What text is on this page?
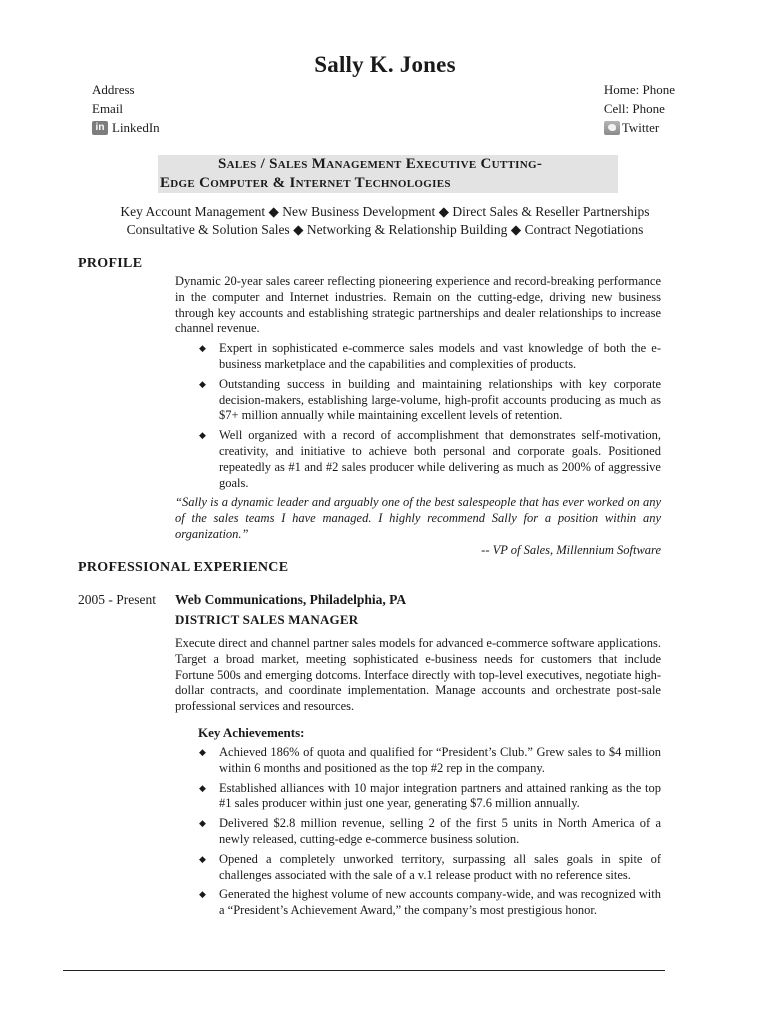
Sally K. Jones
Address
Email
in LinkedIn
Home: Phone
Cell: Phone
Twitter
Sales / Sales Management Executive Cutting-
Edge Computer & Internet Technologies
Key Account Management ◆ New Business Development ◆ Direct Sales & Reseller Partnerships
Consultative & Solution Sales ◆ Networking & Relationship Building ◆ Contract Negotiations
PROFILE
Dynamic 20-year sales career reflecting pioneering experience and record-breaking performance in the computer and Internet industries. Remain on the cutting-edge, driving new business through key accounts and establishing strategic partnerships and dealer relationships to increase channel revenue.
◆ Expert in sophisticated e-commerce sales models and vast knowledge of both the e-business marketplace and the capabilities and complexities of products.
◆ Outstanding success in building and maintaining relationships with key corporate decision-makers, establishing large-volume, high-profit accounts producing as much as $7+ million annually while maintaining excellent levels of retention.
◆ Well organized with a record of accomplishment that demonstrates self-motivation, creativity, and initiative to achieve both personal and corporate goals. Positioned repeatedly as #1 and #2 sales producer while delivering as much as 200% of aggressive goals.
“Sally is a dynamic leader and arguably one of the best salespeople that has ever worked on any of the sales teams I have managed. I highly recommend Sally for a position within any organization.”
-- VP of Sales, Millennium Software
PROFESSIONAL EXPERIENCE
2005 - Present Web Communications, Philadelphia, PA
DISTRICT SALES MANAGER
Execute direct and channel partner sales models for advanced e-commerce software applications. Target a broad market, meeting sophisticated e-business needs for customers that include Fortune 500s and emerging dotcoms. Interface directly with top-level executives, negotiate high-dollar contracts, and coordinate implementation. Manage accounts and orchestrate post-sale professional services and resources.
Key Achievements:
◆ Achieved 186% of quota and qualified for “President’s Club.” Grew sales to $4 million within 6 months and positioned as the top #2 rep in the company.
◆ Established alliances with 10 major integration partners and attained ranking as the top #1 sales producer within just one year, generating $7.6 million annually.
◆ Delivered $2.8 million revenue, selling 2 of the first 5 units in North America of a newly released, cutting-edge e-commerce business solution.
◆ Opened a completely unworked territory, surpassing all sales goals in spite of challenges associated with the sale of a v.1 release product with no reference sites.
◆ Generated the highest volume of new accounts company-wide, and was recognized with a “President’s Achievement Award,” the company’s most prestigious honor.
